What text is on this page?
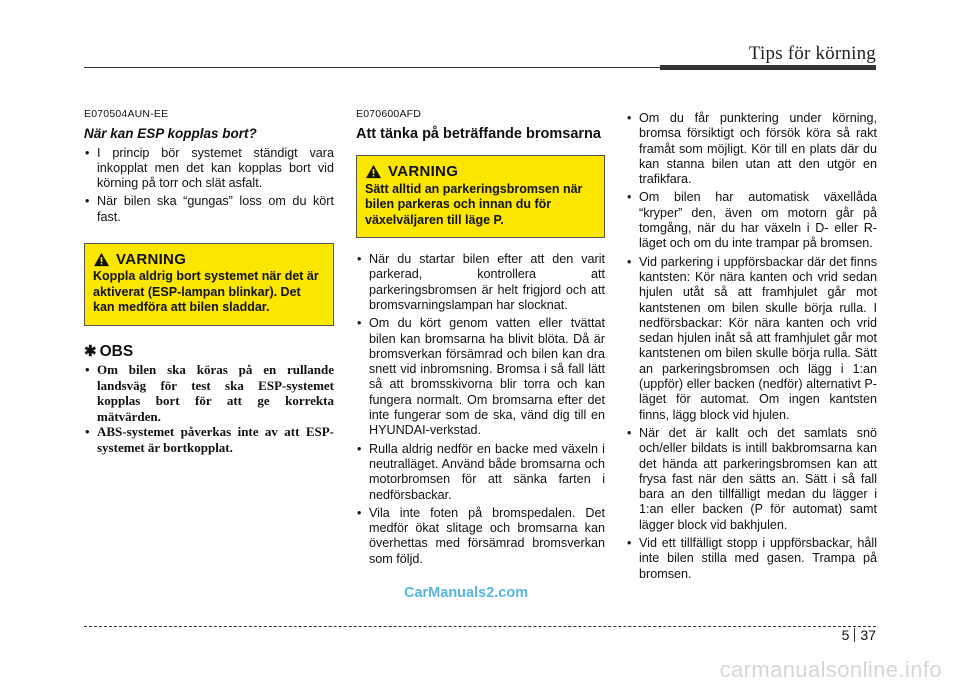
Tips för körning
E070504AUN-EE
När kan ESP kopplas bort?
• I princip bör systemet ständigt vara inkopplat men det kan kopplas bort vid körning på torr och slät asfalt.
• När bilen ska “gungas” loss om du kört fast.
VARNING
Koppla aldrig bort systemet när det är aktiverat (ESP-lampan blinkar). Det kan medföra att bilen sladdar.
✱ OBS
• Om bilen ska köras på en rullande landsväg för test ska ESP-systemet kopplas bort för att ge korrekta mätvärden.
• ABS-systemet påverkas inte av att ESP-systemet är bortkopplat.
E070600AFD
Att tänka på beträffande bromsarna
VARNING
Sätt alltid an parkeringsbromsen när bilen parkeras och innan du för växelväljaren till läge P.
• När du startar bilen efter att den varit parkerad, kontrollera att parkeringsbromsen är helt frigjord och att bromsvarningslampan har slocknat.
• Om du kört genom vatten eller tvättat bilen kan bromsarna ha blivit blöta. Då är bromsverkan försämrad och bilen kan dra snett vid inbromsning. Bromsa i så fall lätt så att bromsskivorna blir torra och kan fungera normalt. Om bromsarna efter det inte fungerar som de ska, vänd dig till en HYUNDAI-verkstad.
• Rulla aldrig nedför en backe med växeln i neutralläget. Använd både bromsarna och motorbromsen för att sänka farten i nedförsbackar.
• Vila inte foten på bromspedalen. Det medför ökat slitage och bromsarna kan överhettas med försämrad bromsverkan som följd.
• Om du får punktering under körning, bromsa försiktigt och försök köra så rakt framåt som möjligt. Kör till en plats där du kan stanna bilen utan att den utgör en trafikfara.
• Om bilen har automatisk växellåda “kryper” den, även om motorn går på tomgång, när du har växeln i D- eller R-läget och om du inte trampar på bromsen.
• Vid parkering i uppförsbackar där det finns kantsten: Kör nära kanten och vrid sedan hjulen utåt så att framhjulet går mot kantstenen om bilen skulle börja rulla. I nedförsbackar: Kör nära kanten och vrid sedan hjulen inåt så att framhjulet går mot kantstenen om bilen skulle börja rulla. Sätt an parkeringsbromsen och lägg i 1:an (uppför) eller backen (nedför) alternativt P-läget för automat. Om ingen kantsten finns, lägg block vid hjulen.
• När det är kallt och det samlats snö och/eller bildats is intill bakbromsarna kan det hända att parkeringsbromsen kan att frysa fast när den sätts an. Sätt i så fall bara an den tillfälligt medan du lägger i 1:an eller backen (P för automat) samt lägger block vid bakhjulen.
• Vid ett tillfälligt stopp i uppförsbackar, håll inte bilen stilla med gasen. Trampa på bromsen.
CarManuals2.com
5 37
carmanualsonline.info
